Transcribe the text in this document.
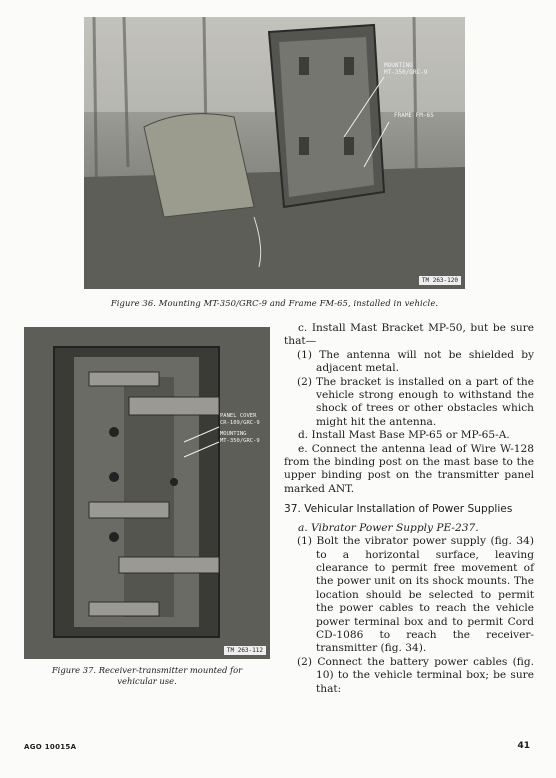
MOUNTING
MT-350/GRC-9
FRAME FM-65
TM 263-120
Figure 36. Mounting MT-350/GRC-9 and Frame FM-65, installed in vehicle.
PANEL COVER
CR-109/GRC-9
MOUNTING
MT-350/GRC-9
TM 263-112
Figure 37. Receiver-transmitter mounted for
vehicular use.

c. Install Mast Bracket MP-50, but be sure that—

(1) The antenna will not be shielded by adjacent metal.

(2) The bracket is installed on a part of the vehicle strong enough to withstand the shock of trees or other obstacles which might hit the antenna.

d. Install Mast Base MP-65 or MP-65-A.

e. Connect the antenna lead of Wire W-128 from the binding post on the mast base to the upper binding post on the transmitter panel marked ANT.

37. Vehicular Installation of Power Supplies

a. Vibrator Power Supply PE-237.

(1) Bolt the vibrator power supply (fig. 34) to a horizontal surface, leaving clearance to permit free movement of the power unit on its shock mounts. The location should be selected to permit the power cables to reach the vehicle power terminal box and to permit Cord CD-1086 to reach the receiver-transmitter (fig. 34).

(2) Connect the battery power cables (fig. 10) to the vehicle terminal box; be sure that:

AGO 10015A	41
